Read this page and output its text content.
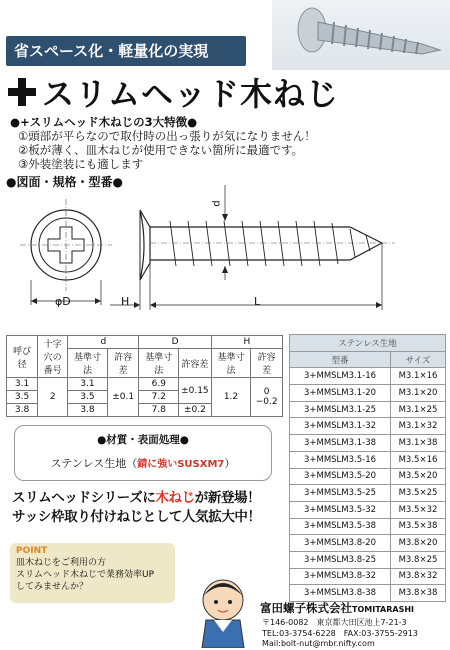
省スペース化・軽量化の実現
スリムヘッド木ねじ
●+スリムヘッド木ねじの3大特徴●
①頭部が平らなので取付時の出っ張りが気になりません！
②板が薄く、皿木ねじが使用できない箇所に最適です。
③外装塗装にも適します
●図面・規格・型番●
φD	H	L
d
呼び径	十字穴の番号	d		D		H	
		基準寸法	許容差	基準寸法	許容差	基準寸法	許容差
3.1	2	3.1	±0.1	6.9	±0.15	1.2	0
−0.2
3.5		3.5		7.2			
3.8		3.8		7.8	±0.2		
ステンレス生地	
型番	サイズ
3+MMSLM3.1-16	M3.1×16
3+MMSLM3.1-20	M3.1×20
3+MMSLM3.1-25	M3.1×25
3+MMSLM3.1-32	M3.1×32
3+MMSLM3.1-38	M3.1×38
3+MMSLM3.5-16	M3.5×16
3+MMSLM3.5-20	M3.5×20
3+MMSLM3.5-25	M3.5×25
3+MMSLM3.5-32	M3.5×32
3+MMSLM3.5-38	M3.5×38
3+MMSLM3.8-20	M3.8×20
3+MMSLM3.8-25	M3.8×25
3+MMSLM3.8-32	M3.8×32
3+MMSLM3.8-38	M3.8×38
●材質・表面処理●
ステンレス生地（錆に強いSUSXM7）
スリムヘッドシリーズに木ねじが新登場！
サッシ枠取り付けねじとして人気拡大中！
POINT
皿木ねじをご利用の方
スリムヘッド木ねじで業務効率UP
してみませんか？
富田螺子株式会社TOMITARASHI
〒146-0082　東京都大田区池上7-21-3
TEL:03-3754-6228　FAX:03-3755-2913
Mail:bolt-nut@mbr.nifty.com
